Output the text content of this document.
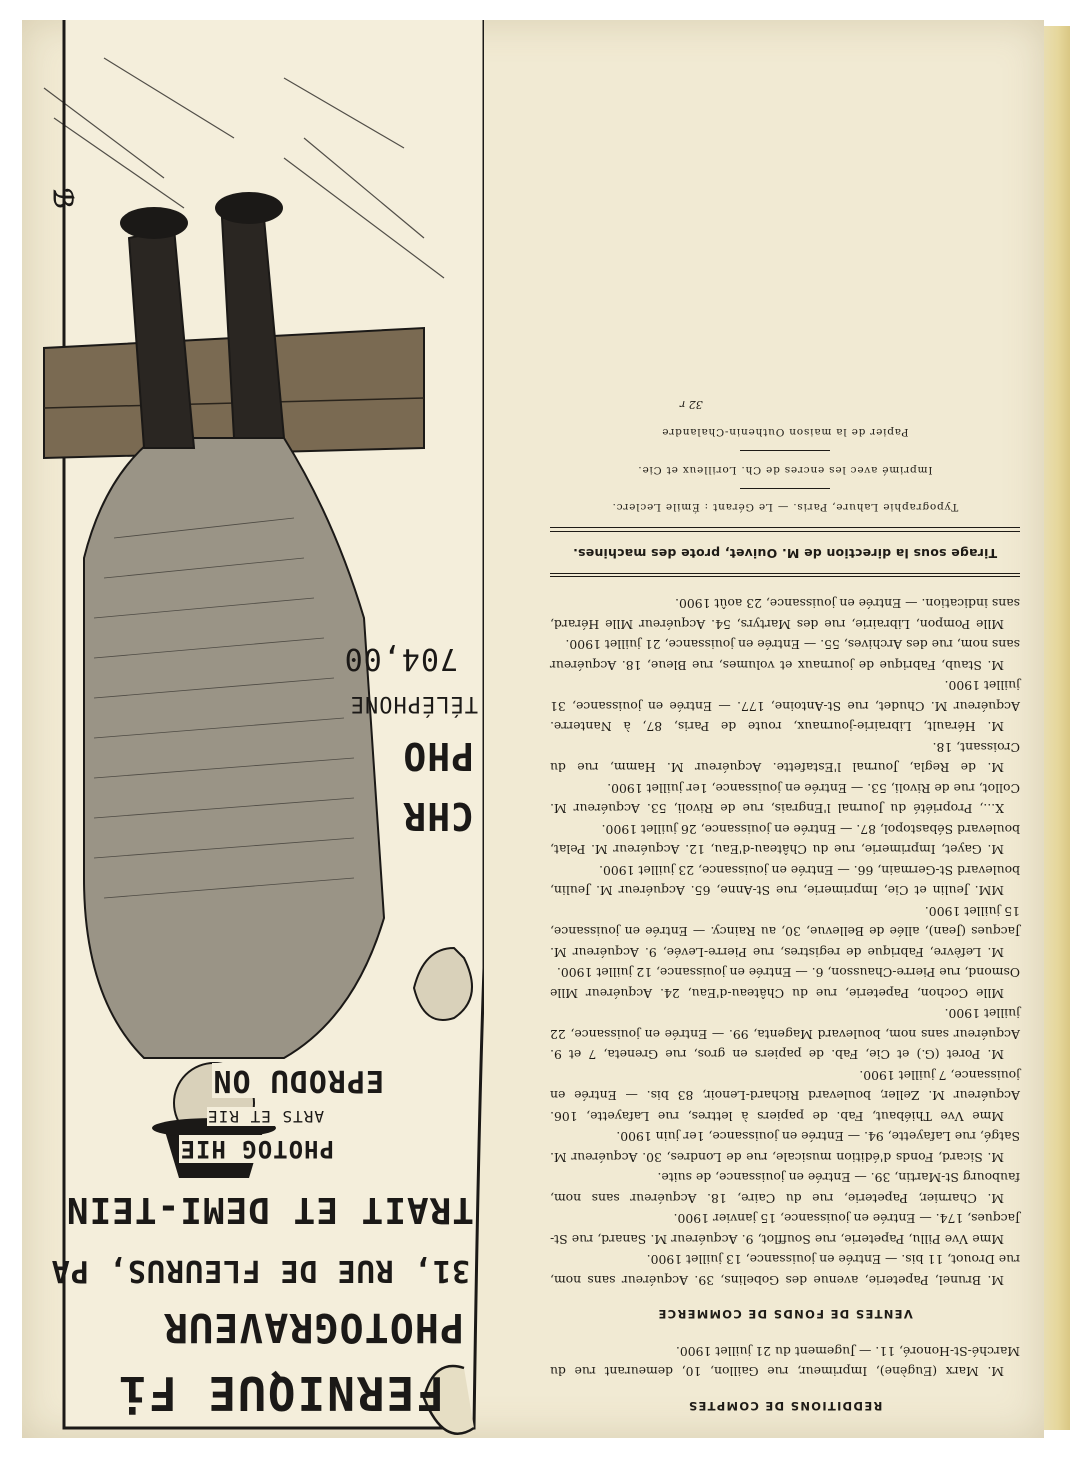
REDDITIONS DE COMPTES
M. Marx (Eugène), Imprimeur, rue Gaillon, 10, demeurant rue du Marché-St-Honoré, 11. — Jugement du 21 juillet 1900.
VENTES DE FONDS DE COMMERCE
M. Brunel, Papeterie, avenue des Gobelins, 39. Acquéreur sans nom, rue Drouot, 11 bis. — Entrée en jouissance, 13 juillet 1900.
Mme Vve Pillu, Papeterie, rue Soufflot, 9. Acquéreur M. Sanard, rue St-Jacques, 174. — Entrée en jouissance, 15 janvier 1900.
M. Charnier, Papeterie, rue du Caire, 18. Acquéreur sans nom, faubourg St-Martin, 39. — Entrée en jouissance, de suite.
M. Sicard, Fonds d'édition musicale, rue de Londres, 30. Acquéreur M. Satgé, rue Lafayette, 94. — Entrée en jouissance, 1er juin 1900.
Mme Vve Thiébaut, Fab. de papiers à lettres, rue Lafayette, 106. Acquéreur M. Zeller, boulevard Richard-Lenoir, 83 bis. — Entrée en jouissance, 7 juillet 1900.
M. Poret (G.) et Cie, Fab. de papiers en gros, rue Greneta, 7 et 9. Acquéreur sans nom, boulevard Magenta, 99. — Entrée en jouissance, 22 juillet 1900.
Mlle Cochon, Papeterie, rue du Château-d'Eau, 24. Acquéreur Mlle Osmond, rue Pierre-Chausson, 6. — Entrée en jouissance, 12 juillet 1900.
M. Lefèvre, Fabrique de registres, rue Pierre-Levée, 9. Acquéreur M. Jacques (Jean), allée de Bellevue, 30, au Raincy. — Entrée en jouissance, 15 juillet 1900.
MM. Jeulin et Cie, Imprimerie, rue St-Anne, 65. Acquéreur M. Jeulin, boulevard St-Germain, 66. — Entrée en jouissance, 23 juillet 1900.
M. Gayet, Imprimerie, rue du Château-d'Eau, 12. Acquéreur M. Pelat, boulevard Sébastopol, 87. — Entrée en jouissance, 26 juillet 1900.
X..., Propriété du Journal l'Engrais, rue de Rivoli, 53. Acquéreur M. Collot, rue de Rivoli, 53. — Entrée en jouissance, 1er juillet 1900.
M. de Regla, Journal l'Estafette. Acquéreur M. Hamm, rue du Croissant, 18.
M. Hérault, Librairie-journaux, route de Paris, 87, à Nanterre. Acquéreur M. Chudet, rue St-Antoine, 177. — Entrée en jouissance, 31 juillet 1900.
M. Staub, Fabrique de journaux et volumes, rue Bleue, 18. Acquéreur sans nom, rue des Archives, 55. — Entrée en jouissance, 21 juillet 1900.
Mlle Pompon, Librairie, rue des Martyrs, 54. Acquéreur Mlle Hérard, sans indication. — Entrée en jouissance, 23 août 1900.
Tirage sous la direction de M. Ouivet, prote des machines.
Typographie Lahure, Paris. — Le Gérant : Émile Leclerc.
Imprimé avec les encres de Ch. Lorilleux et Cie.
Papier de la maison Outhenin-Chalandre
32 r
ℬ
FERNIQUE Fi
PHOTOGRAVEUR
31, RUE DE FLEURUS, PA
TRAIT ET DEMI-TEIN
PHOTOG HIE
ARTS ET RIE
EPRODU ON
CHR
PHO
TÉLÉPHONE
704,00
